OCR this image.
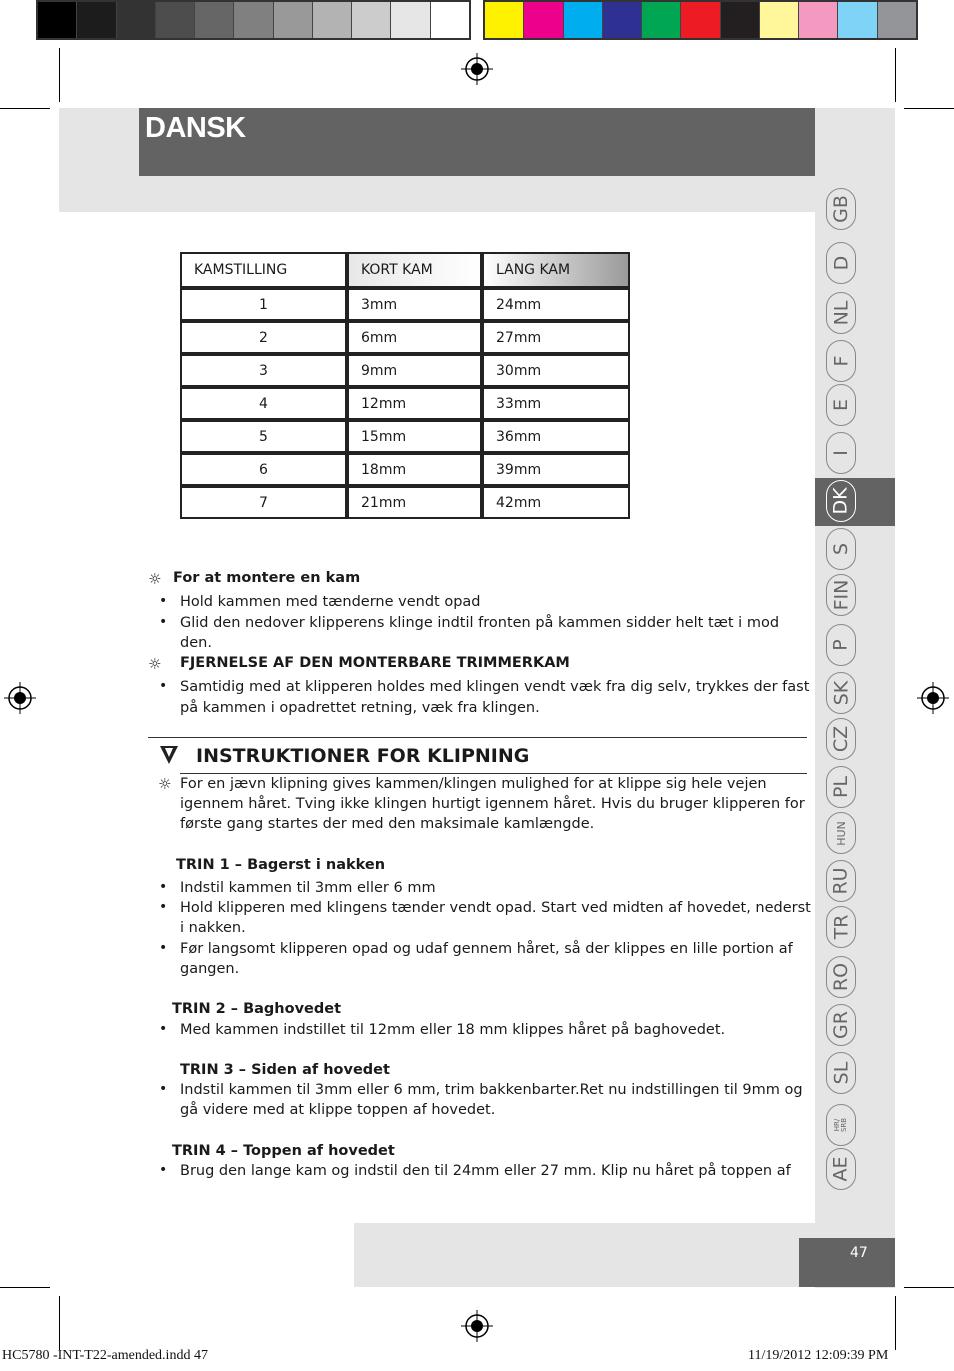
DANSK
GB
D
NL
F
E
I
DK
S
FIN
P
SK
CZ
PL
HUN
RU
TR
RO
GR
SL
HR/
SRB
AE
KAMSTILLING	KORT KAM	LANG KAM
1	3mm	24mm
2	6mm	27mm
3	9mm	30mm
4	12mm	33mm
5	15mm	36mm
6	18mm	39mm
7	21mm	42mm
☼ For at montere en kam
• Hold kammen med tænderne vendt opad
• Glid den nedover klipperens klinge indtil fronten på kammen sidder helt tæt i mod
den.
☼ FJERNELSE AF DEN MONTERBARE TRIMMERKAM
• Samtidig med at klipperen holdes med klingen vendt væk fra dig selv, trykkes der fast
på kammen i opadrettet retning, væk fra klingen.
INSTRUKTIONER FOR KLIPNING
☼ For en jævn klipning gives kammen/klingen mulighed for at klippe sig hele vejen
igennem håret. Tving ikke klingen hurtigt igennem håret. Hvis du bruger klipperen for
første gang startes der med den maksimale kamlængde.
TRIN 1 – Bagerst i nakken
• Indstil kammen til 3mm eller 6 mm
• Hold klipperen med klingens tænder vendt opad. Start ved midten af hovedet, nederst
i nakken.
• Før langsomt klipperen opad og udaf gennem håret, så der klippes en lille portion af
gangen.
TRIN 2 – Baghovedet
• Med kammen indstillet til 12mm eller 18 mm klippes håret på baghovedet.
TRIN 3 – Siden af hovedet
• Indstil kammen til 3mm eller 6 mm, trim bakkenbarter.Ret nu indstillingen til 9mm og
gå videre med at klippe toppen af hovedet.
TRIN 4 – Toppen af hovedet
• Brug den lange kam og indstil den til 24mm eller 27 mm. Klip nu håret på toppen af
47
HC5780 -INT-T22-amended.indd 47	11/19/2012 12:09:39 PM
